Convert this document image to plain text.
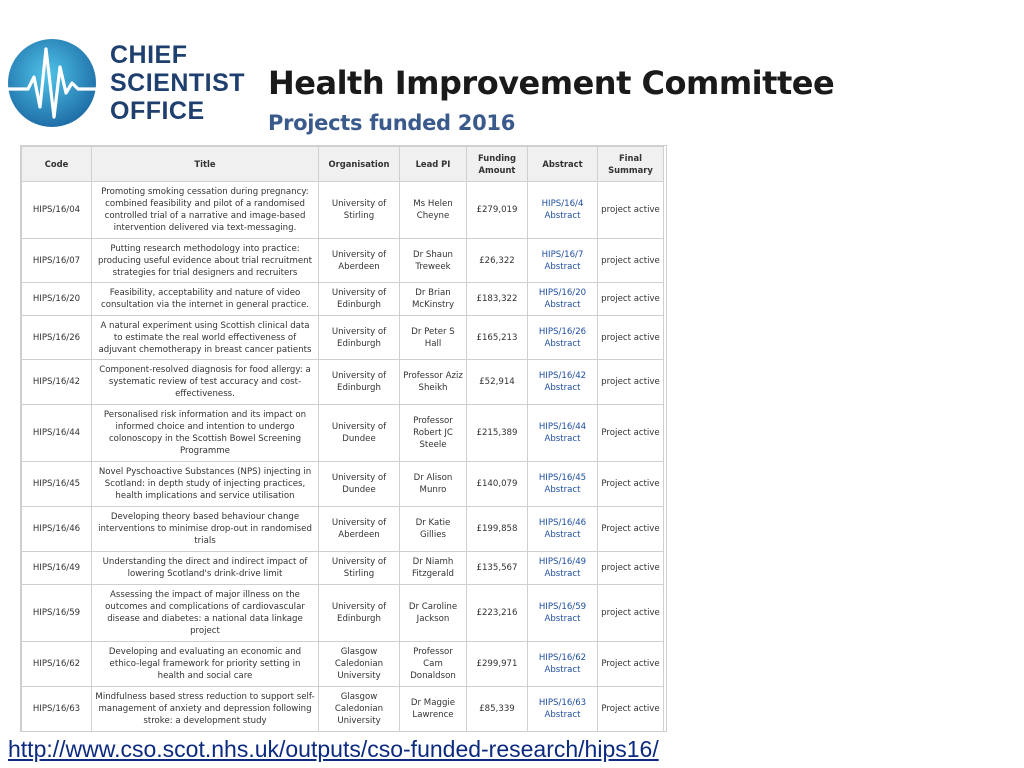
CHIEF
SCIENTIST
OFFICE
Health Improvement Committee
Projects funded 2016
Code	Title	Organisation	Lead PI	Funding Amount	Abstract	Final Summary
HIPS/16/04	Promoting smoking cessation during pregnancy: combined feasibility and pilot of a randomised controlled trial of a narrative and image-based intervention delivered via text-messaging.	University of Stirling	Ms Helen Cheyne	£279,019	HIPS/16/4 Abstract	project active
HIPS/16/07	Putting research methodology into practice: producing useful evidence about trial recruitment strategies for trial designers and recruiters	University of Aberdeen	Dr Shaun Treweek	£26,322	HIPS/16/7 Abstract	project active
HIPS/16/20	Feasibility, acceptability and nature of video consultation via the internet in general practice.	University of Edinburgh	Dr Brian McKinstry	£183,322	HIPS/16/20 Abstract	project active
HIPS/16/26	A natural experiment using Scottish clinical data to estimate the real world effectiveness of adjuvant chemotherapy in breast cancer patients	University of Edinburgh	Dr Peter S Hall	£165,213	HIPS/16/26 Abstract	project active
HIPS/16/42	Component-resolved diagnosis for food allergy: a systematic review of test accuracy and cost-effectiveness.	University of Edinburgh	Professor Aziz Sheikh	£52,914	HIPS/16/42 Abstract	project active
HIPS/16/44	Personalised risk information and its impact on informed choice and intention to undergo colonoscopy in the Scottish Bowel Screening Programme	University of Dundee	Professor Robert JC Steele	£215,389	HIPS/16/44 Abstract	Project active
HIPS/16/45	Novel Pyschoactive Substances (NPS) injecting in Scotland: in depth study of injecting practices, health implications and service utilisation	University of Dundee	Dr Alison Munro	£140,079	HIPS/16/45 Abstract	Project active
HIPS/16/46	Developing theory based behaviour change interventions to minimise drop-out in randomised trials	University of Aberdeen	Dr Katie Gillies	£199,858	HIPS/16/46 Abstract	Project active
HIPS/16/49	Understanding the direct and indirect impact of lowering Scotland's drink-drive limit	University of Stirling	Dr Niamh Fitzgerald	£135,567	HIPS/16/49 Abstract	project active
HIPS/16/59	Assessing the impact of major illness on the outcomes and complications of cardiovascular disease and diabetes: a national data linkage project	University of Edinburgh	Dr Caroline Jackson	£223,216	HIPS/16/59 Abstract	project active
HIPS/16/62	Developing and evaluating an economic and ethico-legal framework for priority setting in health and social care	Glasgow Caledonian University	Professor Cam Donaldson	£299,971	HIPS/16/62 Abstract	Project active
HIPS/16/63	Mindfulness based stress reduction to support self-management of anxiety and depression following stroke: a development study	Glasgow Caledonian University	Dr Maggie Lawrence	£85,339	HIPS/16/63 Abstract	Project active
http://www.cso.scot.nhs.uk/outputs/cso-funded-research/hips16/
